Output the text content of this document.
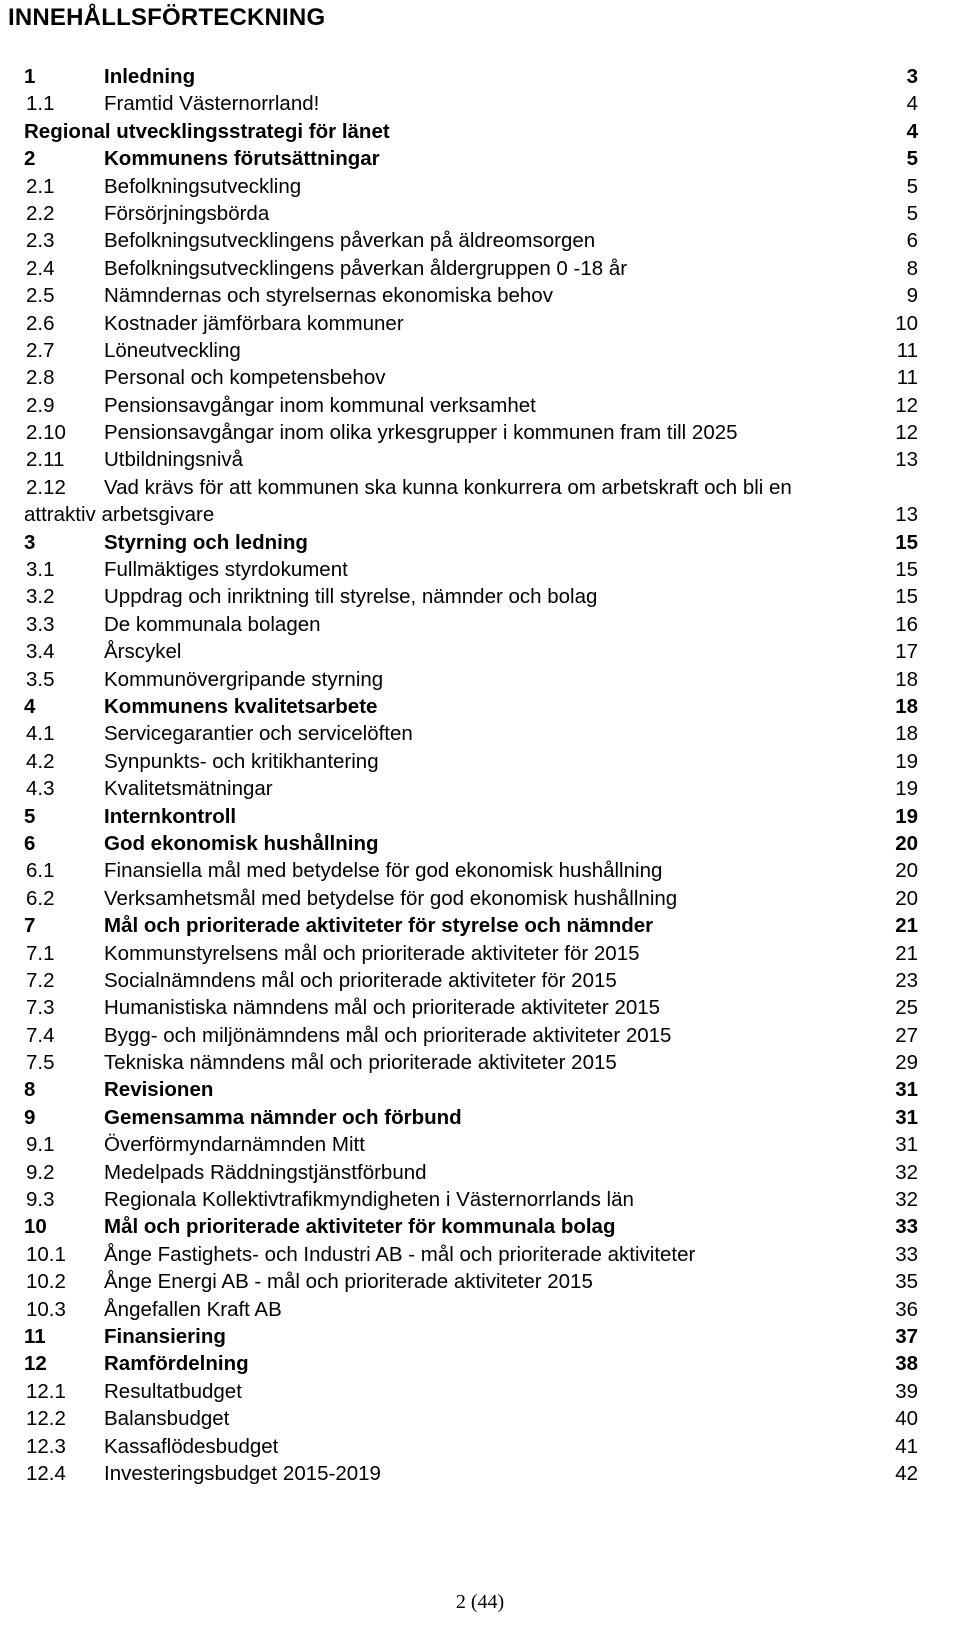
INNEHÅLLSFÖRTECKNING
1	Inledning	3
1.1 Framtid Västernorrland!	4
Regional utvecklingsstrategi för länet	4
2	Kommunens förutsättningar	5
2.1 Befolkningsutveckling	5
2.2 Försörjningsbörda	5
2.3 Befolkningsutvecklingens påverkan på äldreomsorgen	6
2.4 Befolkningsutvecklingens påverkan åldergruppen 0 -18 år	8
2.5 Nämndernas och styrelsernas ekonomiska behov	9
2.6 Kostnader jämförbara kommuner	10
2.7 Löneutveckling	11
2.8 Personal och kompetensbehov	11
2.9 Pensionsavgångar inom kommunal verksamhet	12
2.10 Pensionsavgångar inom olika yrkesgrupper i kommunen fram till 2025	12
2.11 Utbildningsnivå	13
2.12 Vad krävs för att kommunen ska kunna konkurrera om arbetskraft och bli en
attraktiv arbetsgivare	13
3	Styrning och ledning	15
3.1 Fullmäktiges styrdokument	15
3.2 Uppdrag och inriktning till styrelse, nämnder och bolag	15
3.3 De kommunala bolagen	16
3.4 Årscykel	17
3.5 Kommunövergripande styrning	18
4	Kommunens kvalitetsarbete	18
4.1 Servicegarantier och servicelöften	18
4.2 Synpunkts- och kritikhantering	19
4.3 Kvalitetsmätningar	19
5	Internkontroll	19
6	God ekonomisk hushållning	20
6.1 Finansiella mål med betydelse för god ekonomisk hushållning	20
6.2 Verksamhetsmål med betydelse för god ekonomisk hushållning	20
7	Mål och prioriterade aktiviteter för styrelse och nämnder	21
7.1 Kommunstyrelsens mål och prioriterade aktiviteter för 2015	21
7.2 Socialnämndens mål och prioriterade aktiviteter för 2015	23
7.3 Humanistiska nämndens mål och prioriterade aktiviteter 2015	25
7.4 Bygg- och miljönämndens mål och prioriterade aktiviteter 2015	27
7.5 Tekniska nämndens mål och prioriterade aktiviteter 2015	29
8	Revisionen	31
9	Gemensamma nämnder och förbund	31
9.1 Överförmyndarnämnden Mitt	31
9.2 Medelpads Räddningstjänstförbund	32
9.3 Regionala Kollektivtrafikmyndigheten i Västernorrlands län	32
10	Mål och prioriterade aktiviteter för kommunala bolag	33
10.1 Ånge Fastighets- och Industri AB - mål och prioriterade aktiviteter	33
10.2 Ånge Energi AB - mål och prioriterade aktiviteter 2015	35
10.3 Ångefallen Kraft AB	36
11	Finansiering	37
12	Ramfördelning	38
12.1 Resultatbudget	39
12.2 Balansbudget	40
12.3 Kassaflödesbudget	41
12.4 Investeringsbudget 2015-2019	42
2 (44)
